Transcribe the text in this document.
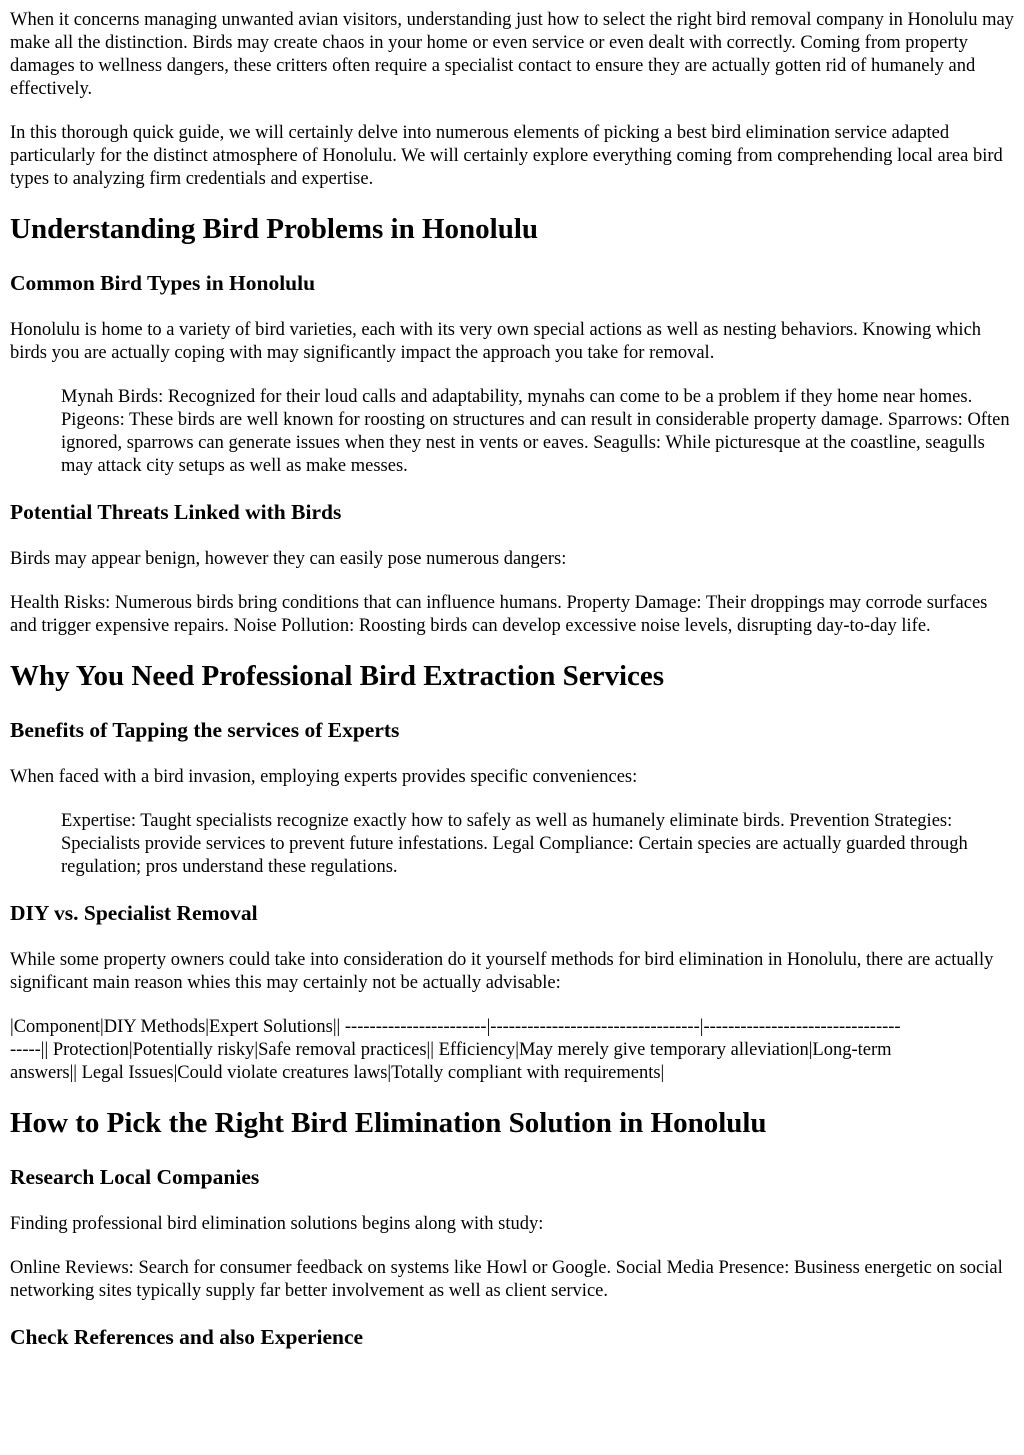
When it concerns managing unwanted avian visitors, understanding just how to select the right bird removal company in Honolulu may make all the distinction. Birds may create chaos in your home or even service or even dealt with correctly. Coming from property damages to wellness dangers, these critters often require a specialist contact to ensure they are actually gotten rid of humanely and effectively.

In this thorough quick guide, we will certainly delve into numerous elements of picking a best bird elimination service adapted particularly for the distinct atmosphere of Honolulu. We will certainly explore everything coming from comprehending local area bird types to analyzing firm credentials and expertise.

Understanding Bird Problems in Honolulu
Common Bird Types in Honolulu

Honolulu is home to a variety of bird varieties, each with its very own special actions as well as nesting behaviors. Knowing which birds you are actually coping with may significantly impact the approach you take for removal.

Mynah Birds: Recognized for their loud calls and adaptability, mynahs can come to be a problem if they home near homes. Pigeons: These birds are well known for roosting on structures and can result in considerable property damage. Sparrows: Often ignored, sparrows can generate issues when they nest in vents or eaves. Seagulls: While picturesque at the coastline, seagulls may attack city setups as well as make messes.
Potential Threats Linked with Birds

Birds may appear benign, however they can easily pose numerous dangers:

Health Risks: Numerous birds bring conditions that can influence humans. Property Damage: Their droppings may corrode surfaces and trigger expensive repairs. Noise Pollution: Roosting birds can develop excessive noise levels, disrupting day-to-day life.

Why You Need Professional Bird Extraction Services
Benefits of Tapping the services of Experts

When faced with a bird invasion, employing experts provides specific conveniences:

Expertise: Taught specialists recognize exactly how to safely as well as humanely eliminate birds. Prevention Strategies: Specialists provide services to prevent future infestations. Legal Compliance: Certain species are actually guarded through regulation; pros understand these regulations.
DIY vs. Specialist Removal

While some property owners could take into consideration do it yourself methods for bird elimination in Honolulu, there are actually significant main reason whies this may certainly not be actually advisable:

|Component|DIY Methods|Expert Solutions|| -----------------------|----------------------------------|--------------------------------
-----|| Protection|Potentially risky|Safe removal practices|| Efficiency|May merely give temporary alleviation|Long-term
answers|| Legal Issues|Could violate creatures laws|Totally compliant with requirements|

How to Pick the Right Bird Elimination Solution in Honolulu
Research Local Companies

Finding professional bird elimination solutions begins along with study:

Online Reviews: Search for consumer feedback on systems like Howl or Google. Social Media Presence: Business energetic on social networking sites typically supply far better involvement as well as client service.

Check References and also Experience
